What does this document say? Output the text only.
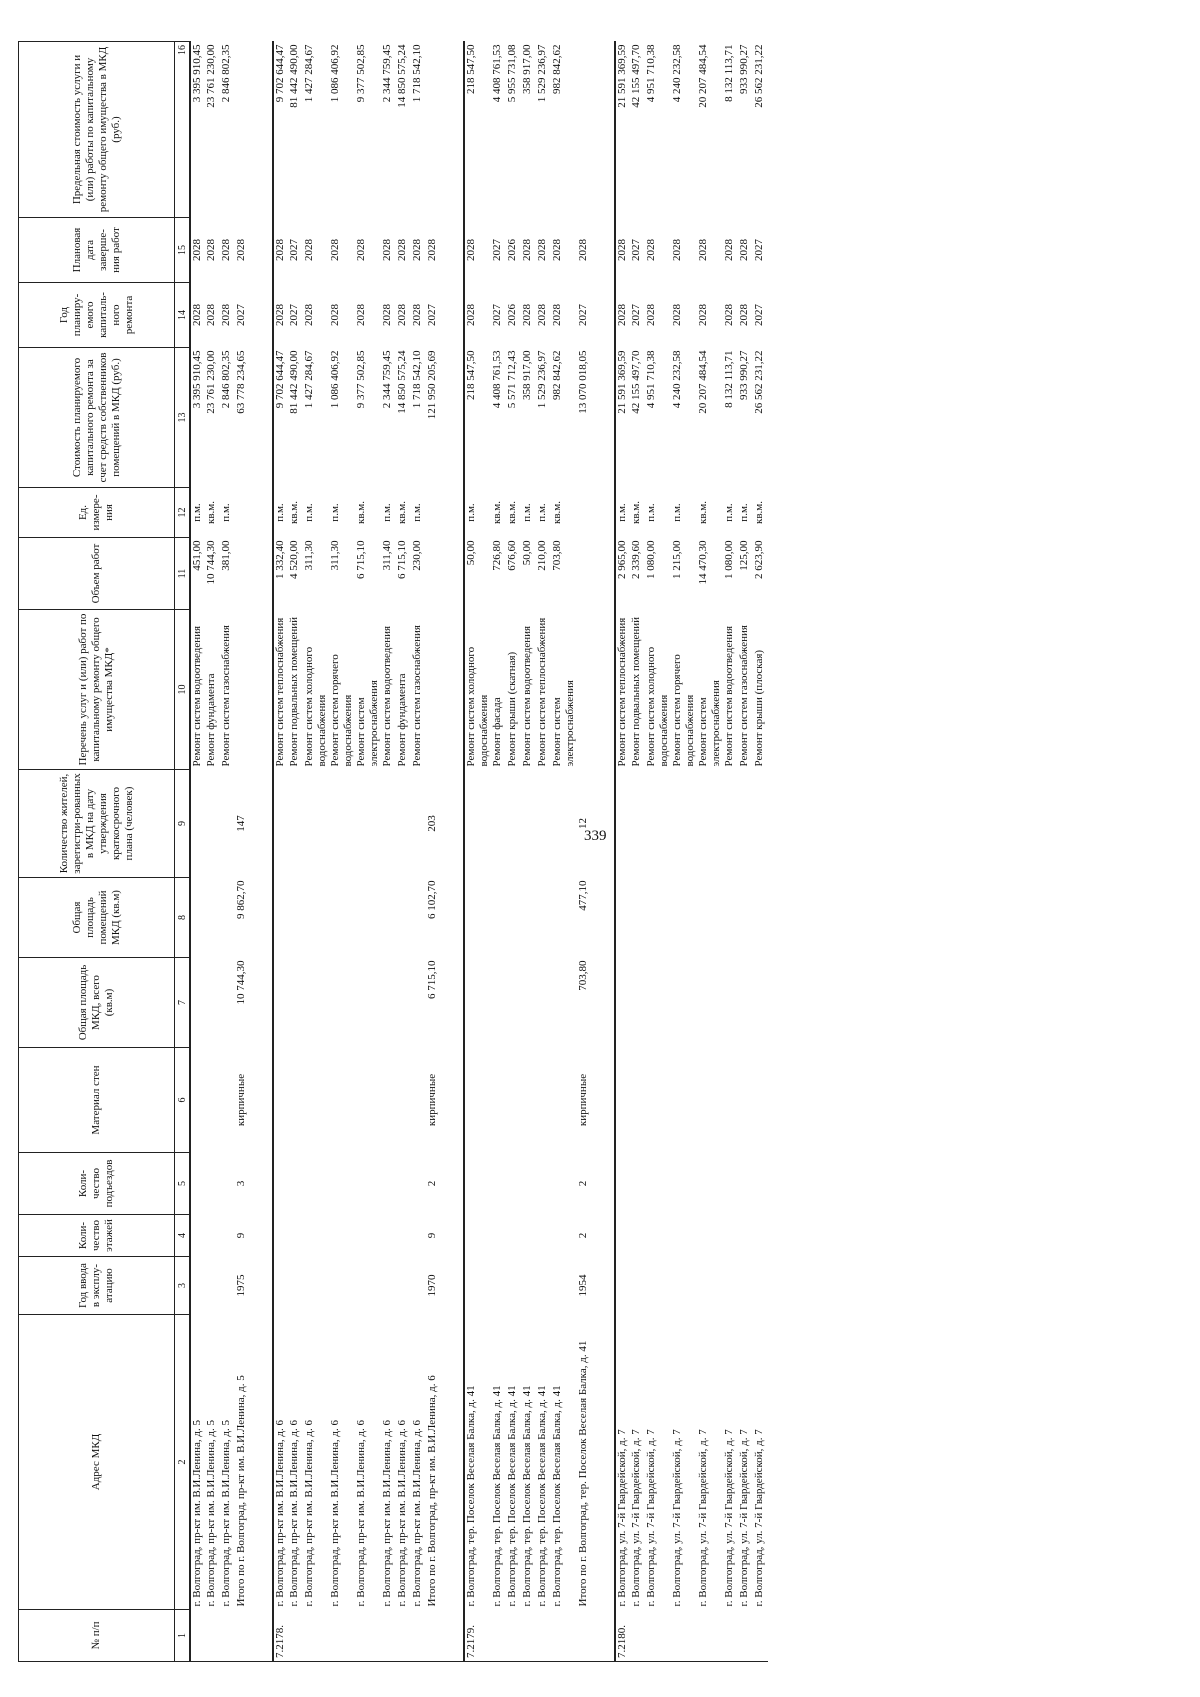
339
№ п/п	Адрес МКД	Год ввода в эксплу-атацию	Коли-чество этажей	Коли-чество подъездов	Материал стен	Общая площадь МКД, всего (кв.м)	Общая площадь помещений МКД (кв.м)	Количество жителей, зарегистри-рованных в МКД на дату утверждения краткосрочного плана (человек)	Перечень услуг и (или) работ по капитальному ремонту общего имущества МКД*	Объем работ	Ед. измере-ния	Стоимость планируемого капитального ремонта за счет средств собственников помещений в МКД (руб.)	Год планиру-емого капиталь-ного ремонта	Плановая дата заверше-ния работ	Предельная стоимость услуги и (или) работы по капитальному ремонту общего имущества в МКД (руб.)
1	2	3	4	5	6	7	8	9	10	11	12	13	14	15	16
	г. Волгоград, пр-кт им. В.И.Ленина, д. 5								Ремонт систем водоотведения	451,00	п.м.	3 395 910,45	2028	2028	3 395 910,45
	г. Волгоград, пр-кт им. В.И.Ленина, д. 5								Ремонт фундамента	10 744,30	кв.м.	23 761 230,00	2028	2028	23 761 230,00
	г. Волгоград, пр-кт им. В.И.Ленина, д. 5								Ремонт систем газоснабжения	381,00	п.м.	2 846 802,35	2028	2028	2 846 802,35
	Итого по г. Волгоград, пр-кт им. В.И.Ленина, д. 5	1975	9	3	кирпичные	10 744,30	9 862,70	147				63 778 234,65	2027	2028	

7.2178.	г. Волгоград, пр-кт им. В.И.Ленина, д. 6								Ремонт систем теплоснабжения	1 332,40	п.м.	9 702 644,47	2028	2028	9 702 644,47
	г. Волгоград, пр-кт им. В.И.Ленина, д. 6								Ремонт подвальных помещений	4 520,00	кв.м.	81 442 490,00	2027	2027	81 442 490,00
	г. Волгоград, пр-кт им. В.И.Ленина, д. 6								Ремонт систем холодного водоснабжения	311,30	п.м.	1 427 284,67	2028	2028	1 427 284,67
	г. Волгоград, пр-кт им. В.И.Ленина, д. 6								Ремонт систем горячего водоснабжения	311,30	п.м.	1 086 406,92	2028	2028	1 086 406,92
	г. Волгоград, пр-кт им. В.И.Ленина, д. 6								Ремонт систем электроснабжения	6 715,10	кв.м.	9 377 502,85	2028	2028	9 377 502,85
	г. Волгоград, пр-кт им. В.И.Ленина, д. 6								Ремонт систем водоотведения	311,40	п.м.	2 344 759,45	2028	2028	2 344 759,45
	г. Волгоград, пр-кт им. В.И.Ленина, д. 6								Ремонт фундамента	6 715,10	кв.м.	14 850 575,24	2028	2028	14 850 575,24
	г. Волгоград, пр-кт им. В.И.Ленина, д. 6								Ремонт систем газоснабжения	230,00	п.м.	1 718 542,10	2028	2028	1 718 542,10
	Итого по г. Волгоград, пр-кт им. В.И.Ленина, д. 6	1970	9	2	кирпичные	6 715,10	6 102,70	203				121 950 205,69	2027	2028	

7.2179.	г. Волгоград, тер. Поселок Веселая Балка, д. 41								Ремонт систем холодного водоснабжения	50,00	п.м.	218 547,50	2028	2028	218 547,50
	г. Волгоград, тер. Поселок Веселая Балка, д. 41								Ремонт фасада	726,80	кв.м.	4 408 761,53	2027	2027	4 408 761,53
	г. Волгоград, тер. Поселок Веселая Балка, д. 41								Ремонт крыши (скатная)	676,60	кв.м.	5 571 712,43	2026	2026	5 955 731,08
	г. Волгоград, тер. Поселок Веселая Балка, д. 41								Ремонт систем водоотведения	50,00	п.м.	358 917,00	2028	2028	358 917,00
	г. Волгоград, тер. Поселок Веселая Балка, д. 41								Ремонт систем теплоснабжения	210,00	п.м.	1 529 236,97	2028	2028	1 529 236,97
	г. Волгоград, тер. Поселок Веселая Балка, д. 41								Ремонт систем электроснабжения	703,80	кв.м.	982 842,62	2028	2028	982 842,62
	Итого по г. Волгоград, тер. Поселок Веселая Балка, д. 41	1954	2	2	кирпичные	703,80	477,10	12				13 070 018,05	2027	2028	

7.2180.	г. Волгоград, ул. 7-й Гвардейской, д. 7								Ремонт систем теплоснабжения	2 965,00	п.м.	21 591 369,59	2028	2028	21 591 369,59
	г. Волгоград, ул. 7-й Гвардейской, д. 7								Ремонт подвальных помещений	2 339,60	кв.м.	42 155 497,70	2027	2027	42 155 497,70
	г. Волгоград, ул. 7-й Гвардейской, д. 7								Ремонт систем холодного водоснабжения	1 080,00	п.м.	4 951 710,38	2028	2028	4 951 710,38
	г. Волгоград, ул. 7-й Гвардейской, д. 7								Ремонт систем горячего водоснабжения	1 215,00	п.м.	4 240 232,58	2028	2028	4 240 232,58
	г. Волгоград, ул. 7-й Гвардейской, д. 7								Ремонт систем электроснабжения	14 470,30	кв.м.	20 207 484,54	2028	2028	20 207 484,54
	г. Волгоград, ул. 7-й Гвардейской, д. 7								Ремонт систем водоотведения	1 080,00	п.м.	8 132 113,71	2028	2028	8 132 113,71
	г. Волгоград, ул. 7-й Гвардейской, д. 7								Ремонт систем газоснабжения	125,00	п.м.	933 990,27	2028	2028	933 990,27
	г. Волгоград, ул. 7-й Гвардейской, д. 7								Ремонт крыши (плоская)	2 623,90	кв.м.	26 562 231,22	2027	2027	26 562 231,22
